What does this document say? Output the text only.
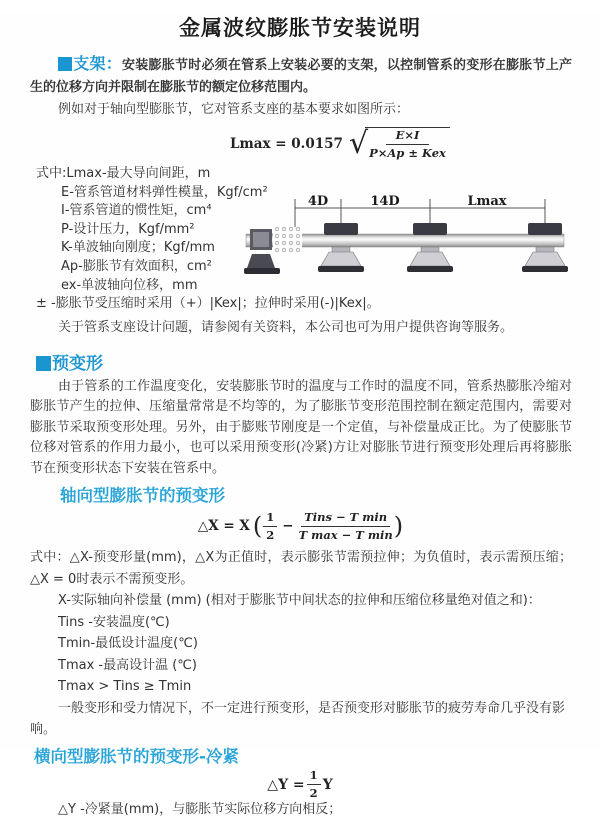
金属波纹膨胀节安装说明

支架：安装膨胀节时必须在管系上安装必要的支架，以控制管系的变形在膨胀节上产生的位移方向并限制在膨胀节的额定位移范围内。

例如对于轴向型膨胀节，它对管系支座的基本要求如图所示：

Lmax = 0.0157 √
$\frac{E\times I}{\text{P×Ap ± Kex}}$
式中:Lmax-最大导向间距，m
E-管系管道材料弹性模量，Kgf/cm²
I-管系管道的惯性矩，cm⁴
P-设计压力，Kgf/mm²
K-单波轴向刚度；Kgf/mm
Ap-膨胀节有效面积，cm²
ex-单波轴向位移，mm
± -膨胀节受压缩时采用（+）|Kex|；拉伸时采用(-)|Kex|。
4D	14D	Lmax

关于管系支座设计问题，请参阅有关资料，本公司也可为用户提供咨询等服务。

预变形

由于管系的工作温度变化，安装膨胀节时的温度与工作时的温度不同，管系热膨胀冷缩对膨胀节产生的拉伸、压缩量常常是不均等的，为了膨胀节变形范围控制在额定范围内，需要对膨胀节采取预变形处理。另外，由于膨账节刚度是一个定值，与补偿量成正比。为了使膨胀节位移对管系的作用力最小，也可以采用预变形(冷紧)方让对膨胀节进行预变形处理后再将膨胀节在预变形状态下安装在管系中。

轴向型膨胀节的预变形
△X = X ( $\frac{1}{2} - \frac{\text{Tins − T min}}{\text{T max − T min}}$ )

式中：△X-预变形量(mm)，△X为正值时，表示膨张节需预拉伸；为负值时，表示需预压缩；△X = 0时表示不需预变形。

X-实际轴向补偿量 (mm) (相对于膨胀节中间状态的拉伸和压缩位移量绝对值之和)：

Tins -安装温度(℃)

Tmin-最低设计温度(℃)

Tmax -最高设计温 (℃)

Tmax > Tins ≥ Tmin

一般变形和受力情况下，不一定进行预变形，是否预变形对膨胀节的疲劳寿命几乎没有影响。

横向型膨胀节的预变形-冷紧
△Y = $\frac{1}{2}$ Y

△Y -冷紧量(mm)，与膨胀节实际位移方向相反；
